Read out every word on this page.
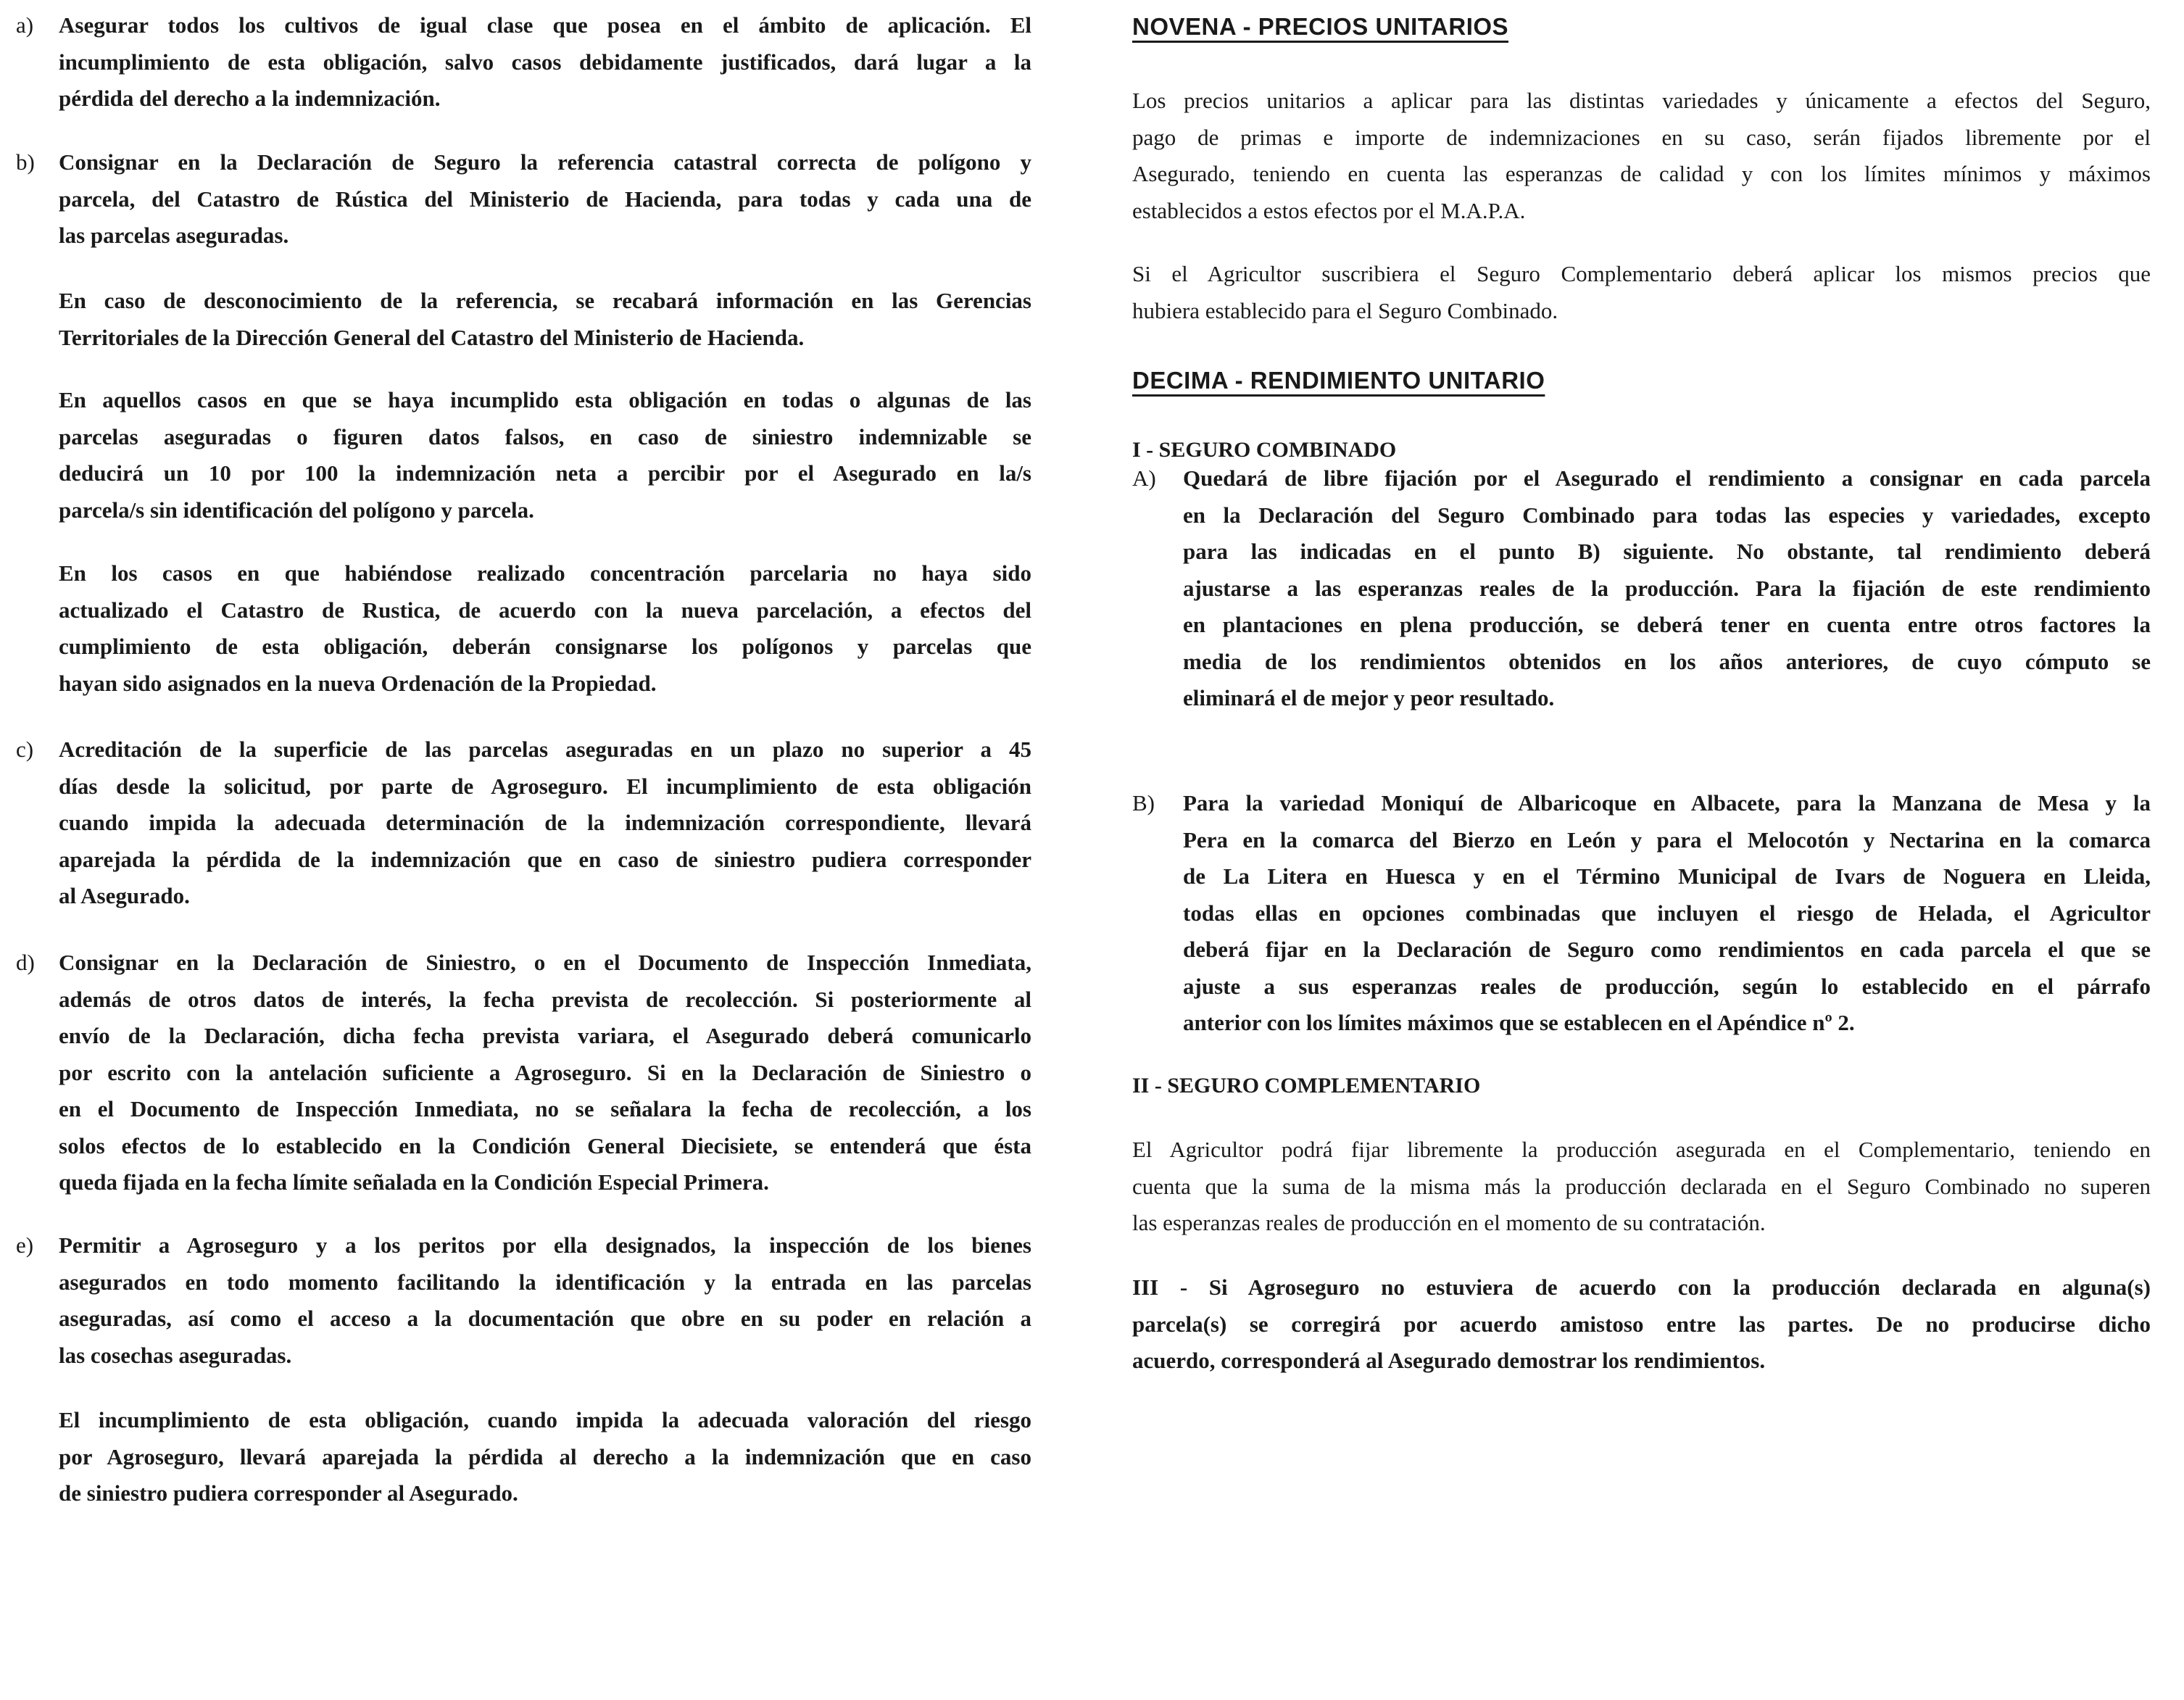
a) Asegurar todos los cultivos de igual clase que posea en el ámbito de aplicación. El
incumplimiento de esta obligación, salvo casos debidamente justificados, dará lugar a la
pérdida del derecho a la indemnización.
b) Consignar en la Declaración de Seguro la referencia catastral correcta de polígono y
parcela, del Catastro de Rústica del Ministerio de Hacienda, para todas y cada una de
las parcelas aseguradas.
En caso de desconocimiento de la referencia, se recabará información en las Gerencias
Territoriales de la Dirección General del Catastro del Ministerio de Hacienda.
En aquellos casos en que se haya incumplido esta obligación en todas o algunas de las
parcelas aseguradas o figuren datos falsos, en caso de siniestro indemnizable se
deducirá un 10 por 100 la indemnización neta a percibir por el Asegurado en la/s
parcela/s sin identificación del polígono y parcela.
En los casos en que habiéndose realizado concentración parcelaria no haya sido
actualizado el Catastro de Rustica, de acuerdo con la nueva parcelación, a efectos del
cumplimiento de esta obligación, deberán consignarse los polígonos y parcelas que
hayan sido asignados en la nueva Ordenación de la Propiedad.
c) Acreditación de la superficie de las parcelas aseguradas en un plazo no superior a 45
días desde la solicitud, por parte de Agroseguro. El incumplimiento de esta obligación
cuando impida la adecuada determinación de la indemnización correspondiente, llevará
aparejada la pérdida de la indemnización que en caso de siniestro pudiera corresponder
al Asegurado.
d) Consignar en la Declaración de Siniestro, o en el Documento de Inspección Inmediata,
además de otros datos de interés, la fecha prevista de recolección. Si posteriormente al
envío de la Declaración, dicha fecha prevista variara, el Asegurado deberá comunicarlo
por escrito con la antelación suficiente a Agroseguro. Si en la Declaración de Siniestro o
en el Documento de Inspección Inmediata, no se señalara la fecha de recolección, a los
solos efectos de lo establecido en la Condición General Diecisiete, se entenderá que ésta
queda fijada en la fecha límite señalada en la Condición Especial Primera.
e) Permitir a Agroseguro y a los peritos por ella designados, la inspección de los bienes
asegurados en todo momento facilitando la identificación y la entrada en las parcelas
aseguradas, así como el acceso a la documentación que obre en su poder en relación a
las cosechas aseguradas.
El incumplimiento de esta obligación, cuando impida la adecuada valoración del riesgo
por Agroseguro, llevará aparejada la pérdida al derecho a la indemnización que en caso
de siniestro pudiera corresponder al Asegurado.
NOVENA - PRECIOS UNITARIOS
DECIMA - RENDIMIENTO UNITARIO
I - SEGURO COMBINADO
II - SEGURO COMPLEMENTARIO
Los precios unitarios a aplicar para las distintas variedades y únicamente a efectos del Seguro,
pago de primas e importe de indemnizaciones en su caso, serán fijados libremente por el
Asegurado, teniendo en cuenta las esperanzas de calidad y con los límites mínimos y máximos
establecidos a estos efectos por el M.A.P.A.
Si el Agricultor suscribiera el Seguro Complementario deberá aplicar los mismos precios que
hubiera establecido para el Seguro Combinado.
A) Quedará de libre fijación por el Asegurado el rendimiento a consignar en cada parcela
en la Declaración del Seguro Combinado para todas las especies y variedades, excepto
para las indicadas en el punto B) siguiente. No obstante, tal rendimiento deberá
ajustarse a las esperanzas reales de la producción. Para la fijación de este rendimiento
en plantaciones en plena producción, se deberá tener en cuenta entre otros factores la
media de los rendimientos obtenidos en los años anteriores, de cuyo cómputo se
eliminará el de mejor y peor resultado.
B) Para la variedad Moniquí de Albaricoque en Albacete, para la Manzana de Mesa y la
Pera en la comarca del Bierzo en León y para el Melocotón y Nectarina en la comarca
de La Litera en Huesca y en el Término Municipal de Ivars de Noguera en Lleida,
todas ellas en opciones combinadas que incluyen el riesgo de Helada, el Agricultor
deberá fijar en la Declaración de Seguro como rendimientos en cada parcela el que se
ajuste a sus esperanzas reales de producción, según lo establecido en el párrafo
anterior con los límites máximos que se establecen en el Apéndice nº 2.
El Agricultor podrá fijar libremente la producción asegurada en el Complementario, teniendo en
cuenta que la suma de la misma más la producción declarada en el Seguro Combinado no superen
las esperanzas reales de producción en el momento de su contratación.
III - Si Agroseguro no estuviera de acuerdo con la producción declarada en alguna(s)
parcela(s) se corregirá por acuerdo amistoso entre las partes. De no producirse dicho
acuerdo, corresponderá al Asegurado demostrar los rendimientos.
